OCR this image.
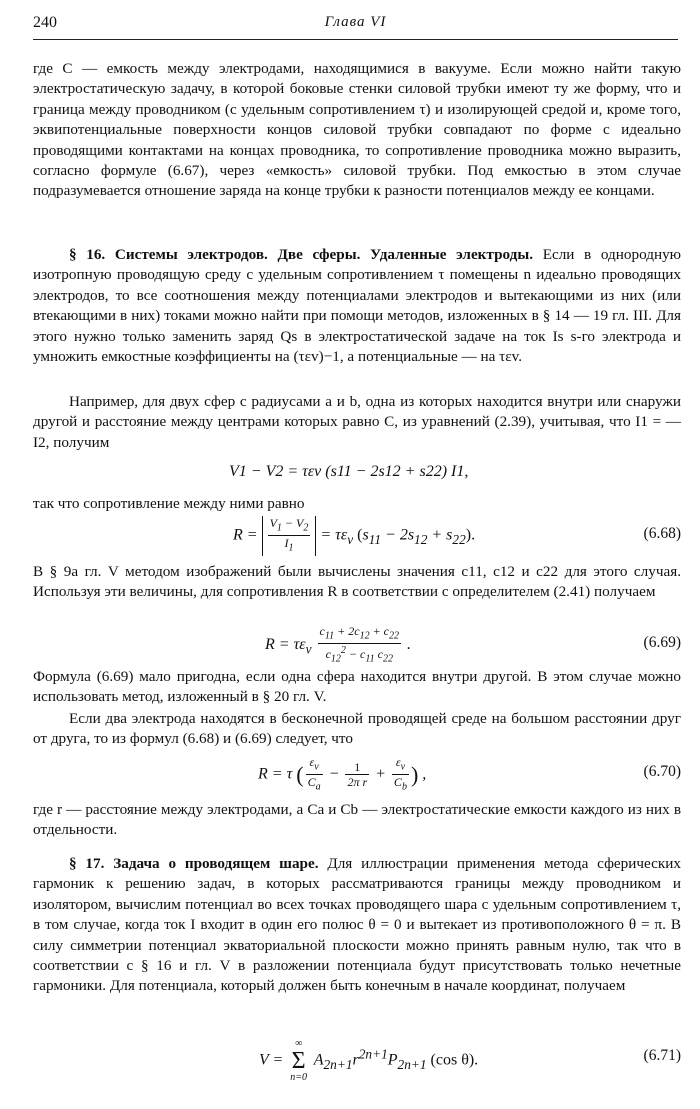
240	Глава VI

где C — емкость между электродами, находящимися в вакууме. Если можно найти такую электростатическую задачу, в которой боковые стенки силовой трубки имеют ту же форму, что и граница между проводником (с удельным сопротивлением τ) и изолирующей средой и, кроме того, эквипотенциальные поверхности концов силовой трубки совпадают по форме с идеально проводящими контактами на концах проводника, то сопротивление проводника можно выразить, согласно формуле (6.67), через «емкость» силовой трубки. Под емкостью в этом случае подразумевается отношение заряда на конце трубки к разности потенциалов между ее концами.

§ 16. Системы электродов. Две сферы. Удаленные электроды. Если в однородную изотропную проводящую среду с удельным сопротивлением τ помещены n идеально проводящих электродов, то все соотношения между потенциалами электродов и вытекающими из них (или втекающими в них) токами можно найти при помощи методов, изложенных в § 14 — 19 гл. III. Для этого нужно только заменить заряд Qs в электростатической задаче на ток Is s-го электрода и умножить емкостные коэффициенты на (τεv)−1, а потенциальные — на τεv.

Например, для двух сфер с радиусами a и b, одна из которых находится внутри или снаружи другой и расстояние между центрами которых равно C, из уравнений (2.39), учитывая, что I1 = — I2, получим

V1 − V2 = τεv (s11 − 2s12 + s22) I1,

так что сопротивление между ними равно

$R = \frac{V_1 - V_2}{I_1} = \tau\varepsilon_v$ $(s_{11} - 2s_{12} + s_{22})$.	(6.68)

В § 9а гл. V методом изображений были вычислены значения c11, c12 и c22 для этого случая. Используя эти величины, для сопротивления R в соответствии с определителем (2.41) получаем

$R = \tau\varepsilon_v \frac{c_{11} + 2c_{12} + c_{22}}{c_{12}^2 - c_{11} c_{22}}$ .	(6.69)

Формула (6.69) мало пригодна, если одна сфера находится внутри другой. В этом случае можно использовать метод, изложенный в § 20 гл. V.

Если два электрода находятся в бесконечной проводящей среде на большом расстоянии друг от друга, то из формул (6.68) и (6.69) следует, что

R = τ ( $\frac{\varepsilon_v}{C_a} - \frac{1}{\text{2π r}} + \frac{\varepsilon_v}{C_b}$ ) ,	(6.70)

где r — расстояние между электродами, а Ca и Cb — электростатические емкости каждого из них в отдельности.

§ 17. Задача о проводящем шаре. Для иллюстрации применения метода сферических гармоник к решению задач, в которых рассматриваются границы между проводником и изолятором, вычислим потенциал во всех точках проводящего шара с удельным сопротивлением τ, в том случае, когда ток I входит в один его полюс θ = 0 и вытекает из противоположного θ = π. В силу симметрии потенциал экваториальной плоскости можно принять равным нулю, так что в соответствии с § 16 и гл. V в разложении потенциала будут присутствовать только нечетные гармоники. Для потенциала, который должен быть конечным в начале координат, получаем

V =
∞
Σ
n=0
$A_{2n+1}r^{2n+1}P_{2n+1}$ (cos θ).	(6.71)
